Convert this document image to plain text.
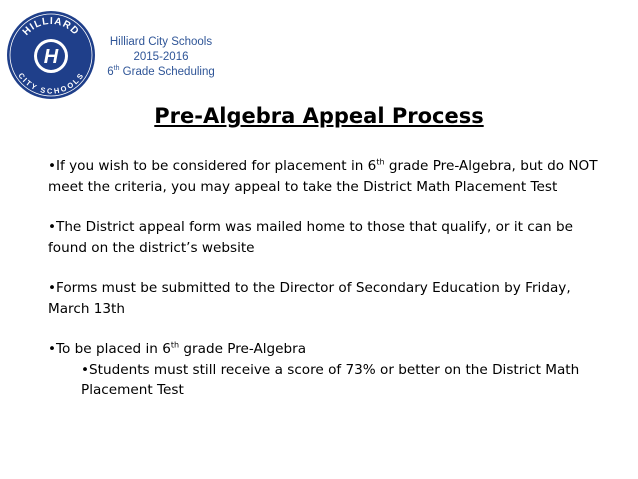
HILLIARD
CITY SCHOOLS
H
Hilliard City Schools
2015-2016
6th Grade Scheduling
Pre-Algebra Appeal Process

•If you wish to be considered for placement in 6th grade Pre-Algebra, but do NOT meet the criteria, you may appeal to take the District Math Placement Test

•The District appeal form was mailed home to those that qualify, or it can be found on the district’s website

•Forms must be submitted to the Director of Secondary Education by Friday, March 13th

•To be placed in 6th grade Pre-Algebra

•Students must still receive a score of 73% or better on the District Math Placement Test
